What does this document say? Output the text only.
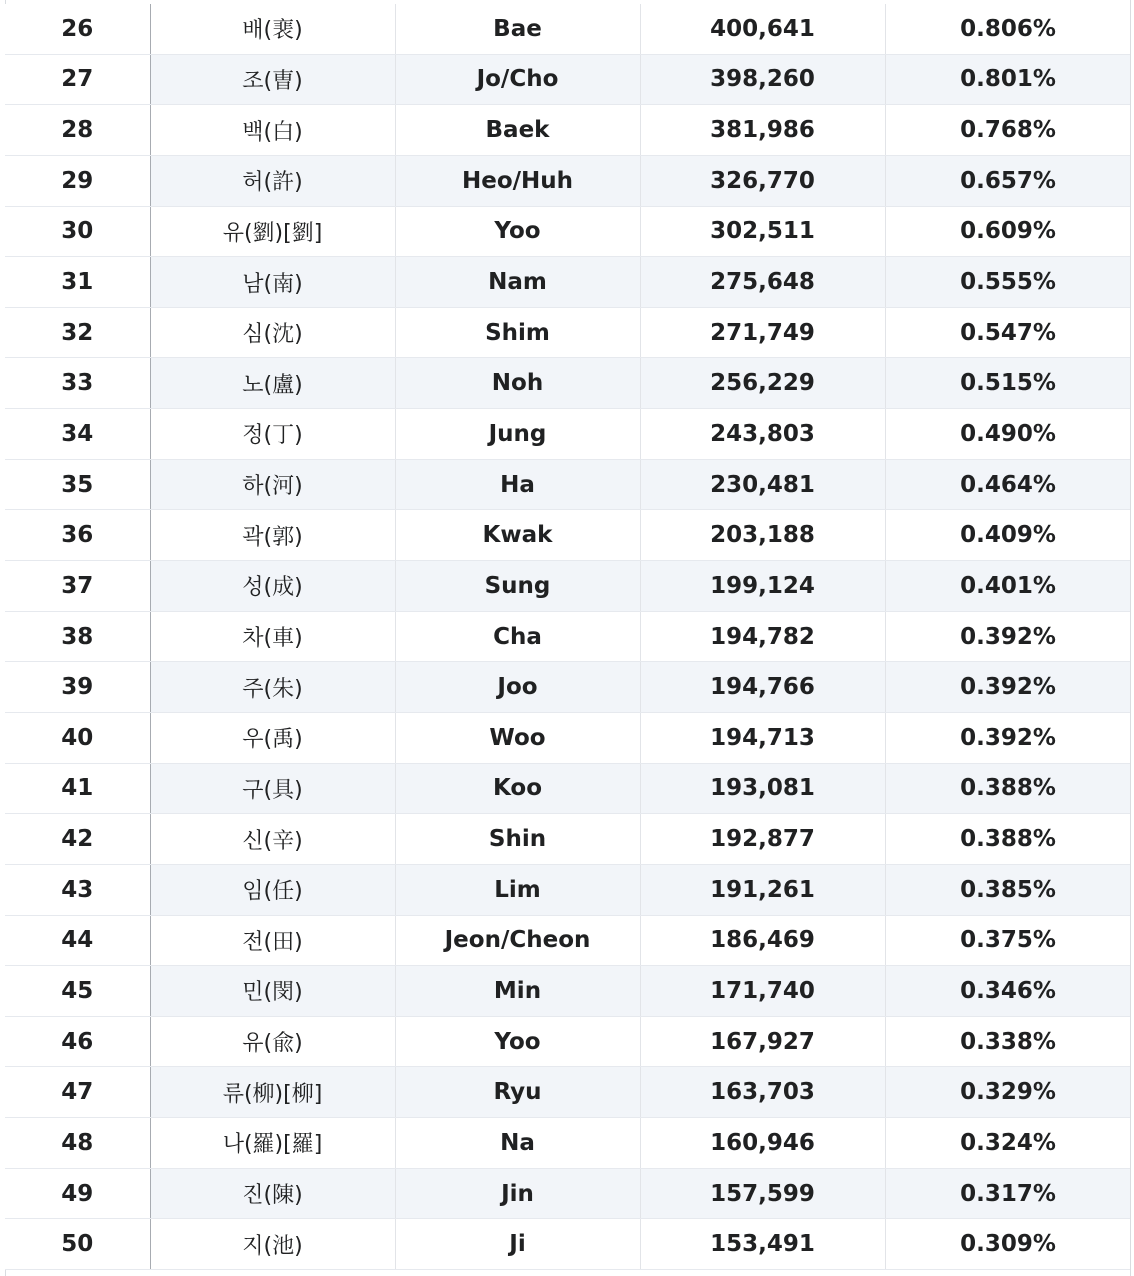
26	배(裵)	Bae	400,641	0.806%
27	조(曺)	Jo/Cho	398,260	0.801%
28	백(白)	Baek	381,986	0.768%
29	허(許)	Heo/Huh	326,770	0.657%
30	유(劉)[劉]	Yoo	302,511	0.609%
31	남(南)	Nam	275,648	0.555%
32	심(沈)	Shim	271,749	0.547%
33	노(盧)	Noh	256,229	0.515%
34	정(丁)	Jung	243,803	0.490%
35	하(河)	Ha	230,481	0.464%
36	곽(郭)	Kwak	203,188	0.409%
37	성(成)	Sung	199,124	0.401%
38	차(車)	Cha	194,782	0.392%
39	주(朱)	Joo	194,766	0.392%
40	우(禹)	Woo	194,713	0.392%
41	구(具)	Koo	193,081	0.388%
42	신(辛)	Shin	192,877	0.388%
43	임(任)	Lim	191,261	0.385%
44	전(田)	Jeon/Cheon	186,469	0.375%
45	민(閔)	Min	171,740	0.346%
46	유(兪)	Yoo	167,927	0.338%
47	류(柳)[柳]	Ryu	163,703	0.329%
48	나(羅)[羅]	Na	160,946	0.324%
49	진(陳)	Jin	157,599	0.317%
50	지(池)	Ji	153,491	0.309%
